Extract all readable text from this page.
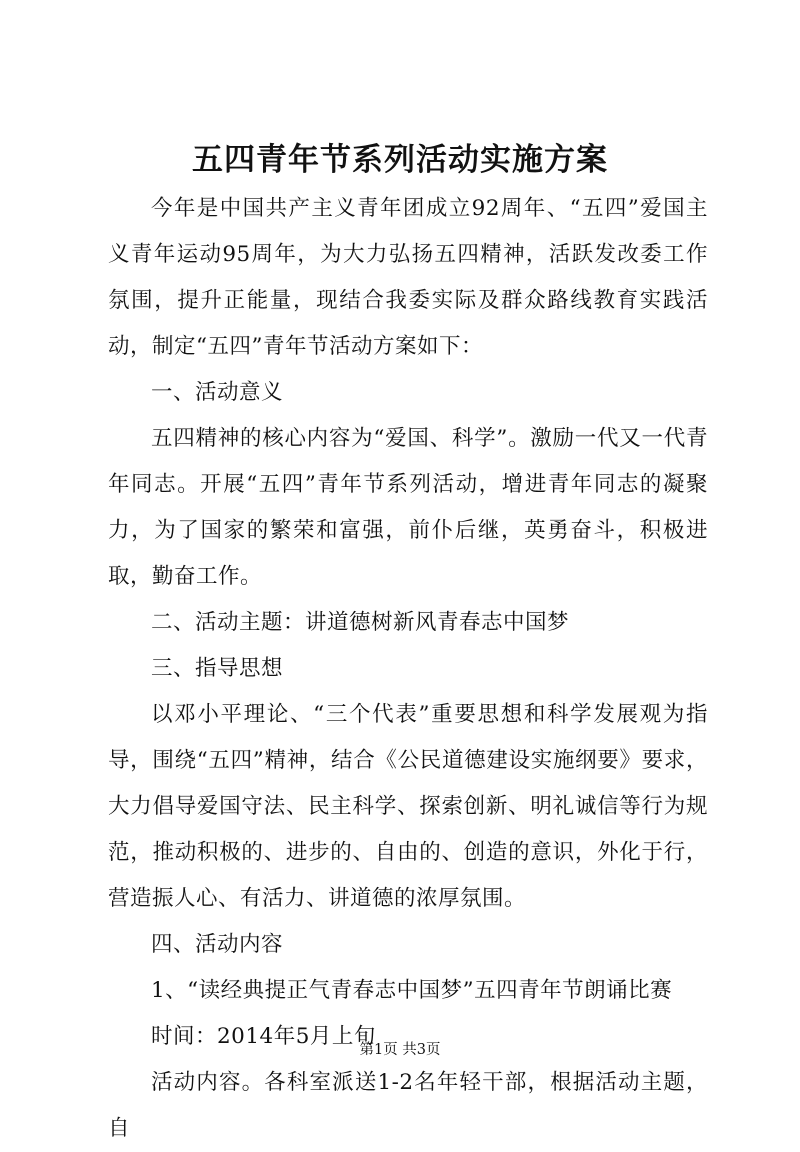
五四青年节系列活动实施方案

今年是中国共产主义青年团成立92周年、“五四”爱国主义青年运动95周年，为大力弘扬五四精神，活跃发改委工作氛围，提升正能量，现结合我委实际及群众路线教育实践活动，制定“五四”青年节活动方案如下：

一、活动意义

五四精神的核心内容为“爱国、科学”。激励一代又一代青年同志。开展“五四”青年节系列活动，增进青年同志的凝聚力，为了国家的繁荣和富强，前仆后继，英勇奋斗，积极进取，勤奋工作。

二、活动主题：讲道德树新风青春志中国梦

三、指导思想

以邓小平理论、“三个代表”重要思想和科学发展观为指导，围绕“五四”精神，结合《公民道德建设实施纲要》要求，大力倡导爱国守法、民主科学、探索创新、明礼诚信等行为规范，推动积极的、进步的、自由的、创造的意识，外化于行，营造振人心、有活力、讲道德的浓厚氛围。

四、活动内容

1、“读经典提正气青春志中国梦”五四青年节朗诵比赛

时间：2014年5月上旬

活动内容。各科室派送1-2名年轻干部，根据活动主题，自

第1页 共3页
